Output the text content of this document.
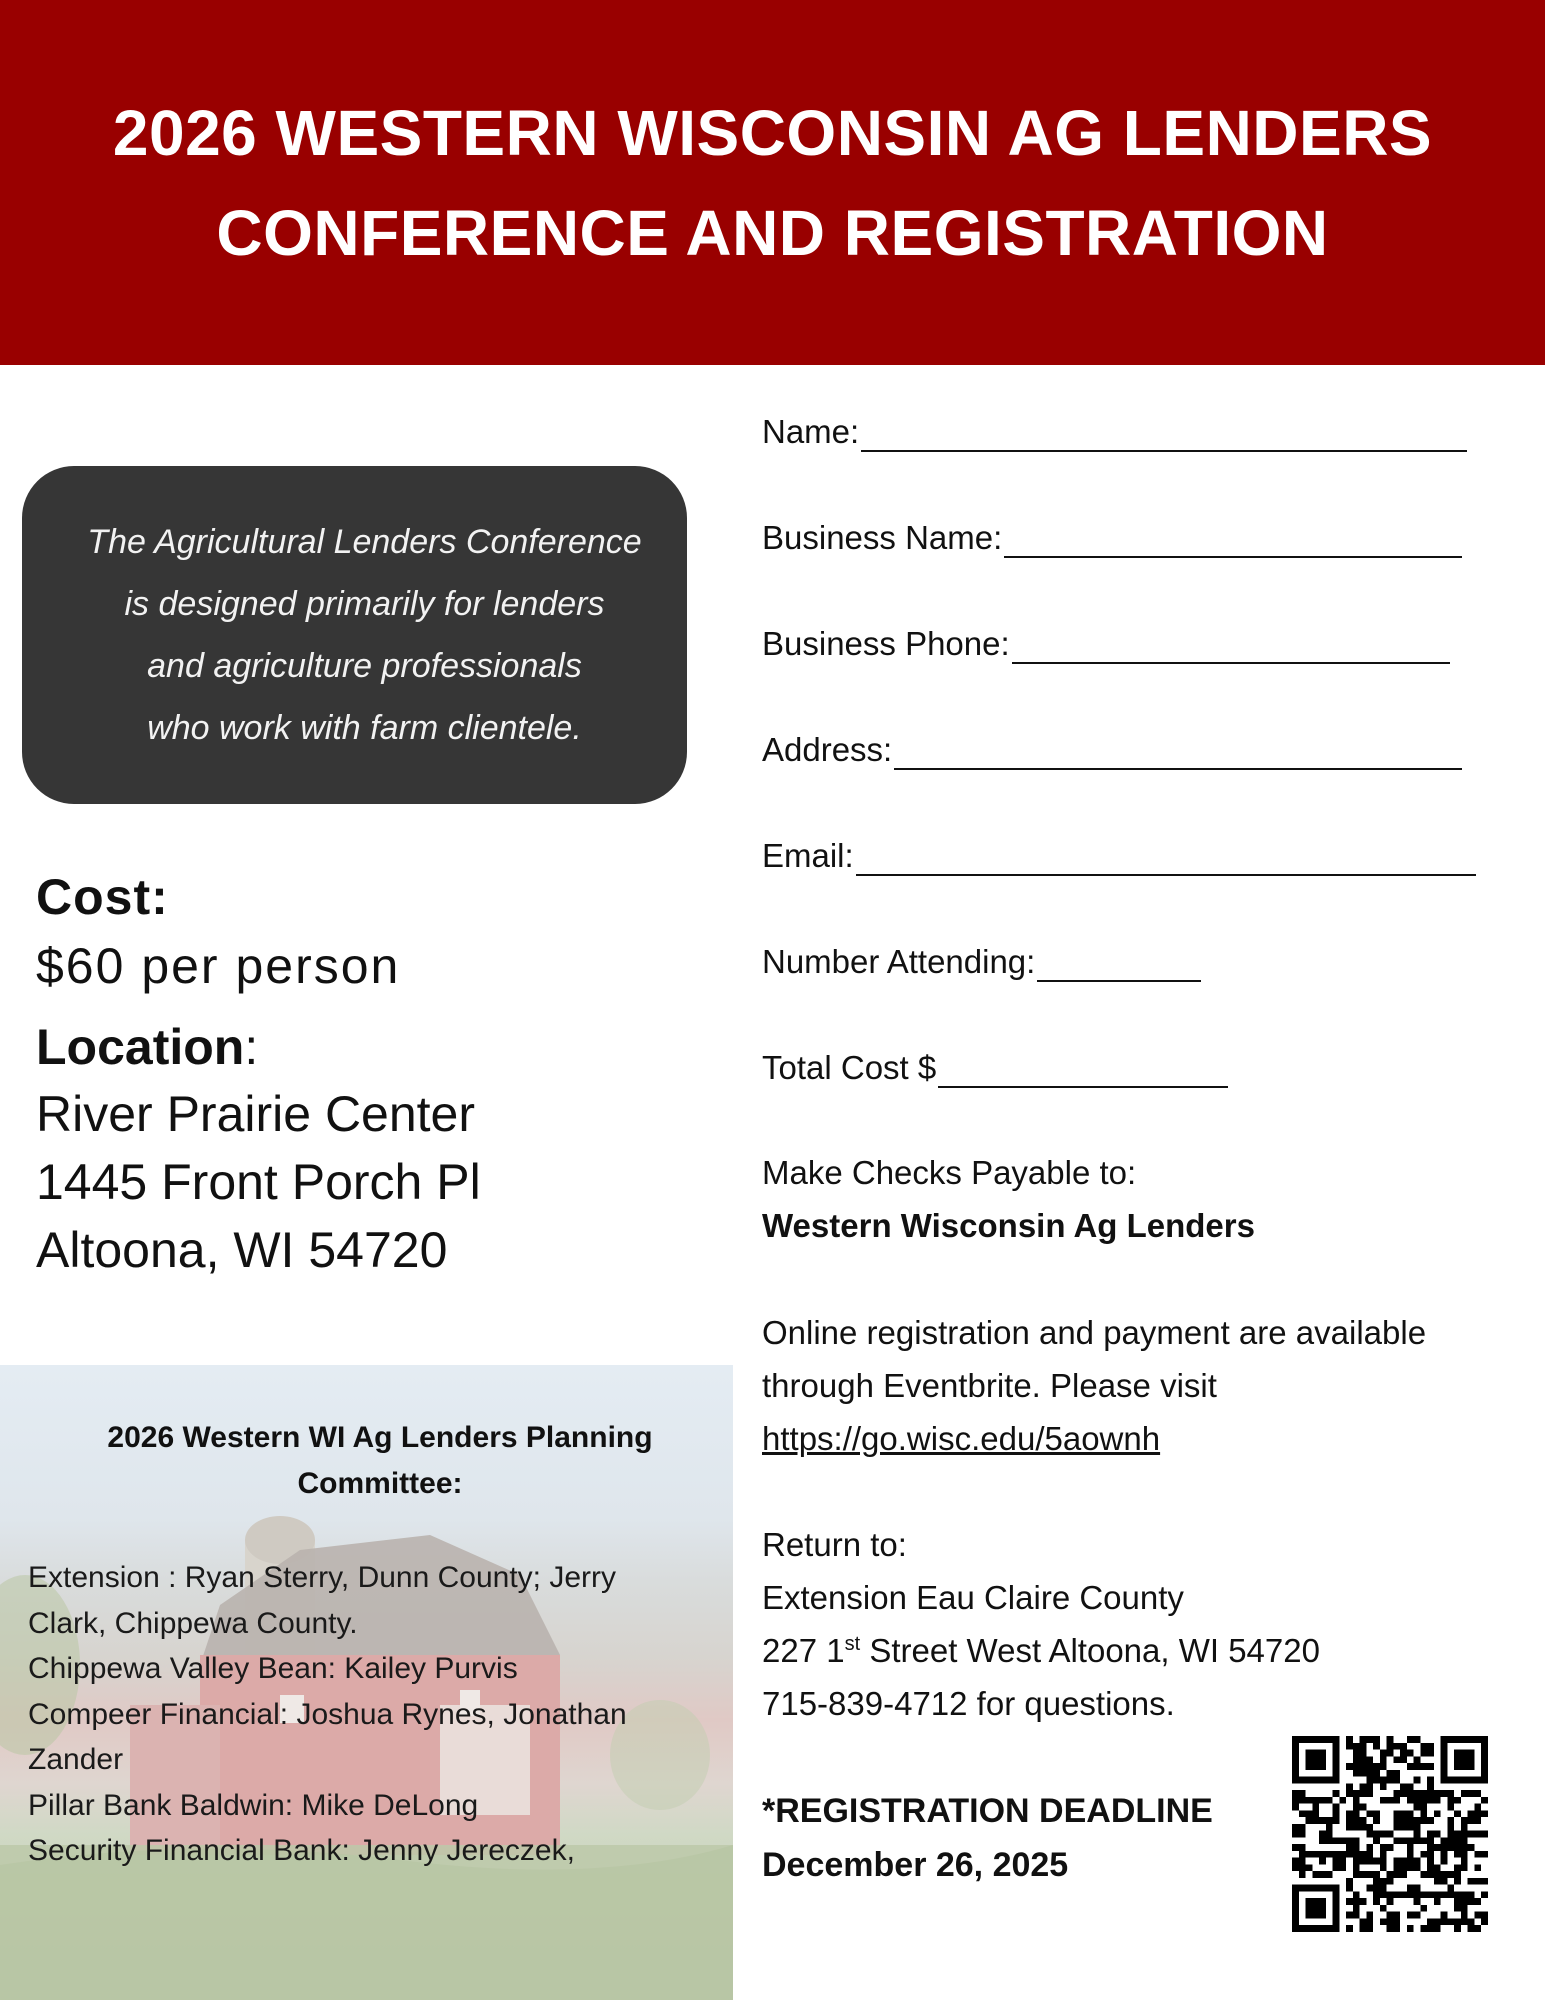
2026 WESTERN WISCONSIN AG LENDERS
CONFERENCE AND REGISTRATION
The Agricultural Lenders Conference
is designed primarily for lenders
and agriculture professionals
who work with farm clientele.
Cost:
$60 per person
Location:
River Prairie Center
1445 Front Porch Pl
Altoona, WI 54720
2026 Western WI Ag Lenders Planning
Committee:
Extension : Ryan Sterry, Dunn County; Jerry
Clark, Chippewa County.
Chippewa Valley Bean: Kailey Purvis
Compeer Financial: Joshua Rynes, Jonathan
Zander
Pillar Bank Baldwin: Mike DeLong
Security Financial Bank: Jenny Jereczek,
Name:
Business Name:
Business Phone:
Address:
Email:
Number Attending:
Total Cost $
Make Checks Payable to:
Western Wisconsin Ag Lenders
Online registration and payment are available
through Eventbrite. Please visit
https://go.wisc.edu/5aownh
Return to:
Extension Eau Claire County
227 1st Street West Altoona, WI 54720
715-839-4712 for questions.
*REGISTRATION DEADLINE
December 26, 2025
